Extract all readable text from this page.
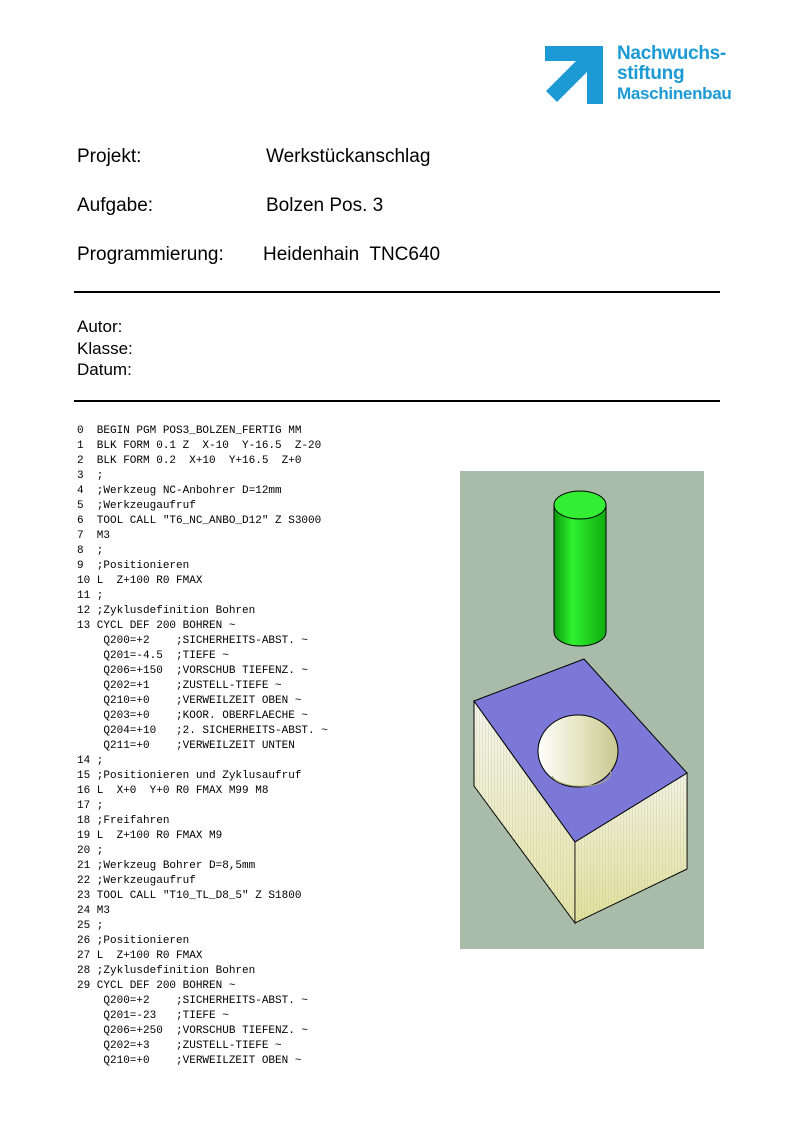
Nachwuchs-
stiftung
Maschinenbau
Projekt:	Werkstückanschlag
Aufgabe:	Bolzen Pos. 3
Programmierung: Heidenhain  TNC640
Autor:
Klasse:
Datum:
0  BEGIN PGM POS3_BOLZEN_FERTIG MM
1  BLK FORM 0.1 Z  X-10  Y-16.5  Z-20
2  BLK FORM 0.2  X+10  Y+16.5  Z+0
3  ;
4  ;Werkzeug NC-Anbohrer D=12mm
5  ;Werkzeugaufruf
6  TOOL CALL "T6_NC_ANBO_D12" Z S3000
7  M3
8  ;
9  ;Positionieren
10 L  Z+100 R0 FMAX
11 ;
12 ;Zyklusdefinition Bohren
13 CYCL DEF 200 BOHREN ~
Q200=+2    ;SICHERHEITS-ABST. ~
Q201=-4.5  ;TIEFE ~
Q206=+150  ;VORSCHUB TIEFENZ. ~
Q202=+1    ;ZUSTELL-TIEFE ~
Q210=+0    ;VERWEILZEIT OBEN ~
Q203=+0    ;KOOR. OBERFLAECHE ~
Q204=+10   ;2. SICHERHEITS-ABST. ~
Q211=+0    ;VERWEILZEIT UNTEN
14 ;
15 ;Positionieren und Zyklusaufruf
16 L  X+0  Y+0 R0 FMAX M99 M8
17 ;
18 ;Freifahren
19 L  Z+100 R0 FMAX M9
20 ;
21 ;Werkzeug Bohrer D=8,5mm
22 ;Werkzeugaufruf
23 TOOL CALL "T10_TL_D8_5" Z S1800
24 M3
25 ;
26 ;Positionieren
27 L  Z+100 R0 FMAX
28 ;Zyklusdefinition Bohren
29 CYCL DEF 200 BOHREN ~
Q200=+2    ;SICHERHEITS-ABST. ~
Q201=-23   ;TIEFE ~
Q206=+250  ;VORSCHUB TIEFENZ. ~
Q202=+3    ;ZUSTELL-TIEFE ~
Q210=+0    ;VERWEILZEIT OBEN ~
